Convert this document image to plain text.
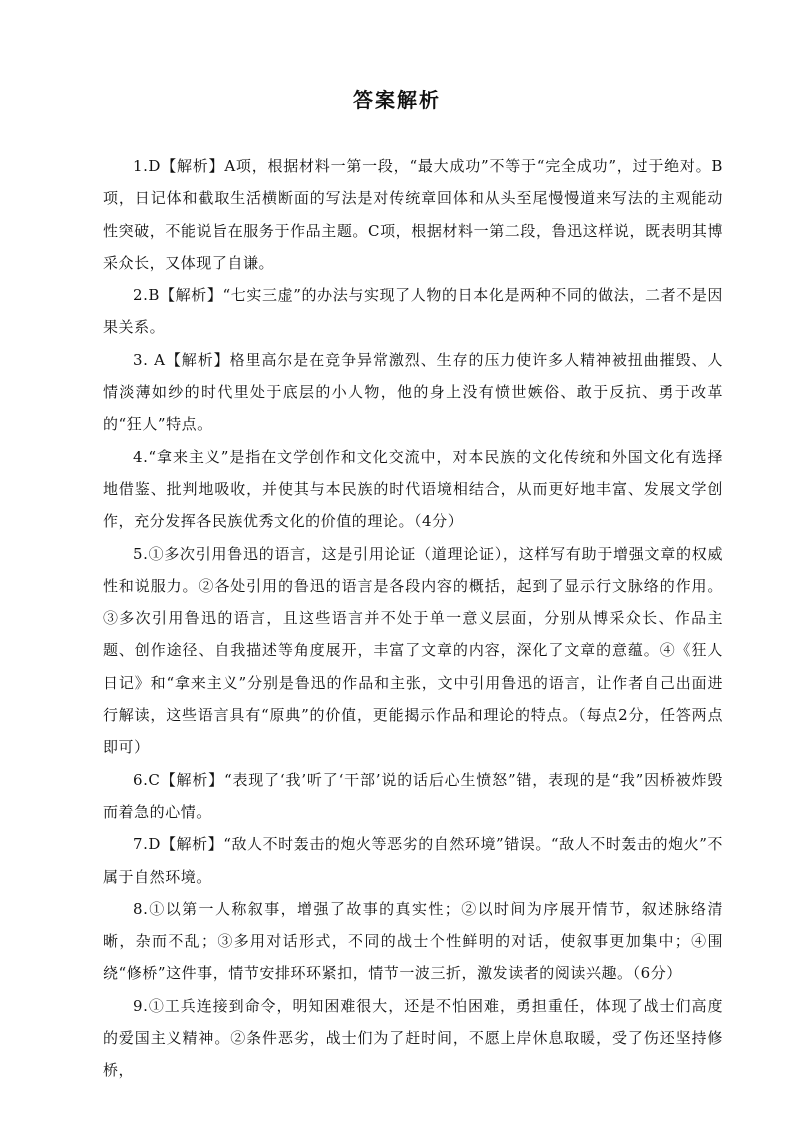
答案解析

1.D【解析】A项，根据材料一第一段，“最大成功”不等于“完全成功”，过于绝对。B项，日记体和截取生活横断面的写法是对传统章回体和从头至尾慢慢道来写法的主观能动性突破，不能说旨在服务于作品主题。C项，根据材料一第二段，鲁迅这样说，既表明其博采众长，又体现了自谦。

2.B【解析】“七实三虚”的办法与实现了人物的日本化是两种不同的做法，二者不是因果关系。

3. A【解析】格里高尔是在竞争异常激烈、生存的压力使许多人精神被扭曲摧毁、人情淡薄如纱的时代里处于底层的小人物，他的身上没有愤世嫉俗、敢于反抗、勇于改革的“狂人”特点。

4.“拿来主义”是指在文学创作和文化交流中，对本民族的文化传统和外国文化有选择地借鉴、批判地吸收，并使其与本民族的时代语境相结合，从而更好地丰富、发展文学创作，充分发挥各民族优秀文化的价值的理论。（4分）

5.①多次引用鲁迅的语言，这是引用论证（道理论证），这样写有助于增强文章的权威性和说服力。②各处引用的鲁迅的语言是各段内容的概括，起到了显示行文脉络的作用。③多次引用鲁迅的语言，且这些语言并不处于单一意义层面，分别从博采众长、作品主题、创作途径、自我描述等角度展开，丰富了文章的内容，深化了文章的意蕴。④《狂人日记》和“拿来主义”分别是鲁迅的作品和主张，文中引用鲁迅的语言，让作者自己出面进行解读，这些语言具有“原典”的价值，更能揭示作品和理论的特点。（每点2分，任答两点即可）

6.C【解析】“表现了‘我’听了‘干部’说的话后心生愤怒”错，表现的是“我”因桥被炸毁而着急的心情。

7.D【解析】“敌人不时轰击的炮火等恶劣的自然环境”错误。“敌人不时轰击的炮火”不属于自然环境。

8.①以第一人称叙事，增强了故事的真实性；②以时间为序展开情节，叙述脉络清晰，杂而不乱；③多用对话形式，不同的战士个性鲜明的对话，使叙事更加集中；④围绕“修桥”这件事，情节安排环环紧扣，情节一波三折，激发读者的阅读兴趣。（6分）

9.①工兵连接到命令，明知困难很大，还是不怕困难，勇担重任，体现了战士们高度的爱国主义精神。②条件恶劣，战士们为了赶时间，不愿上岸休息取暖，受了伤还坚持修桥，
